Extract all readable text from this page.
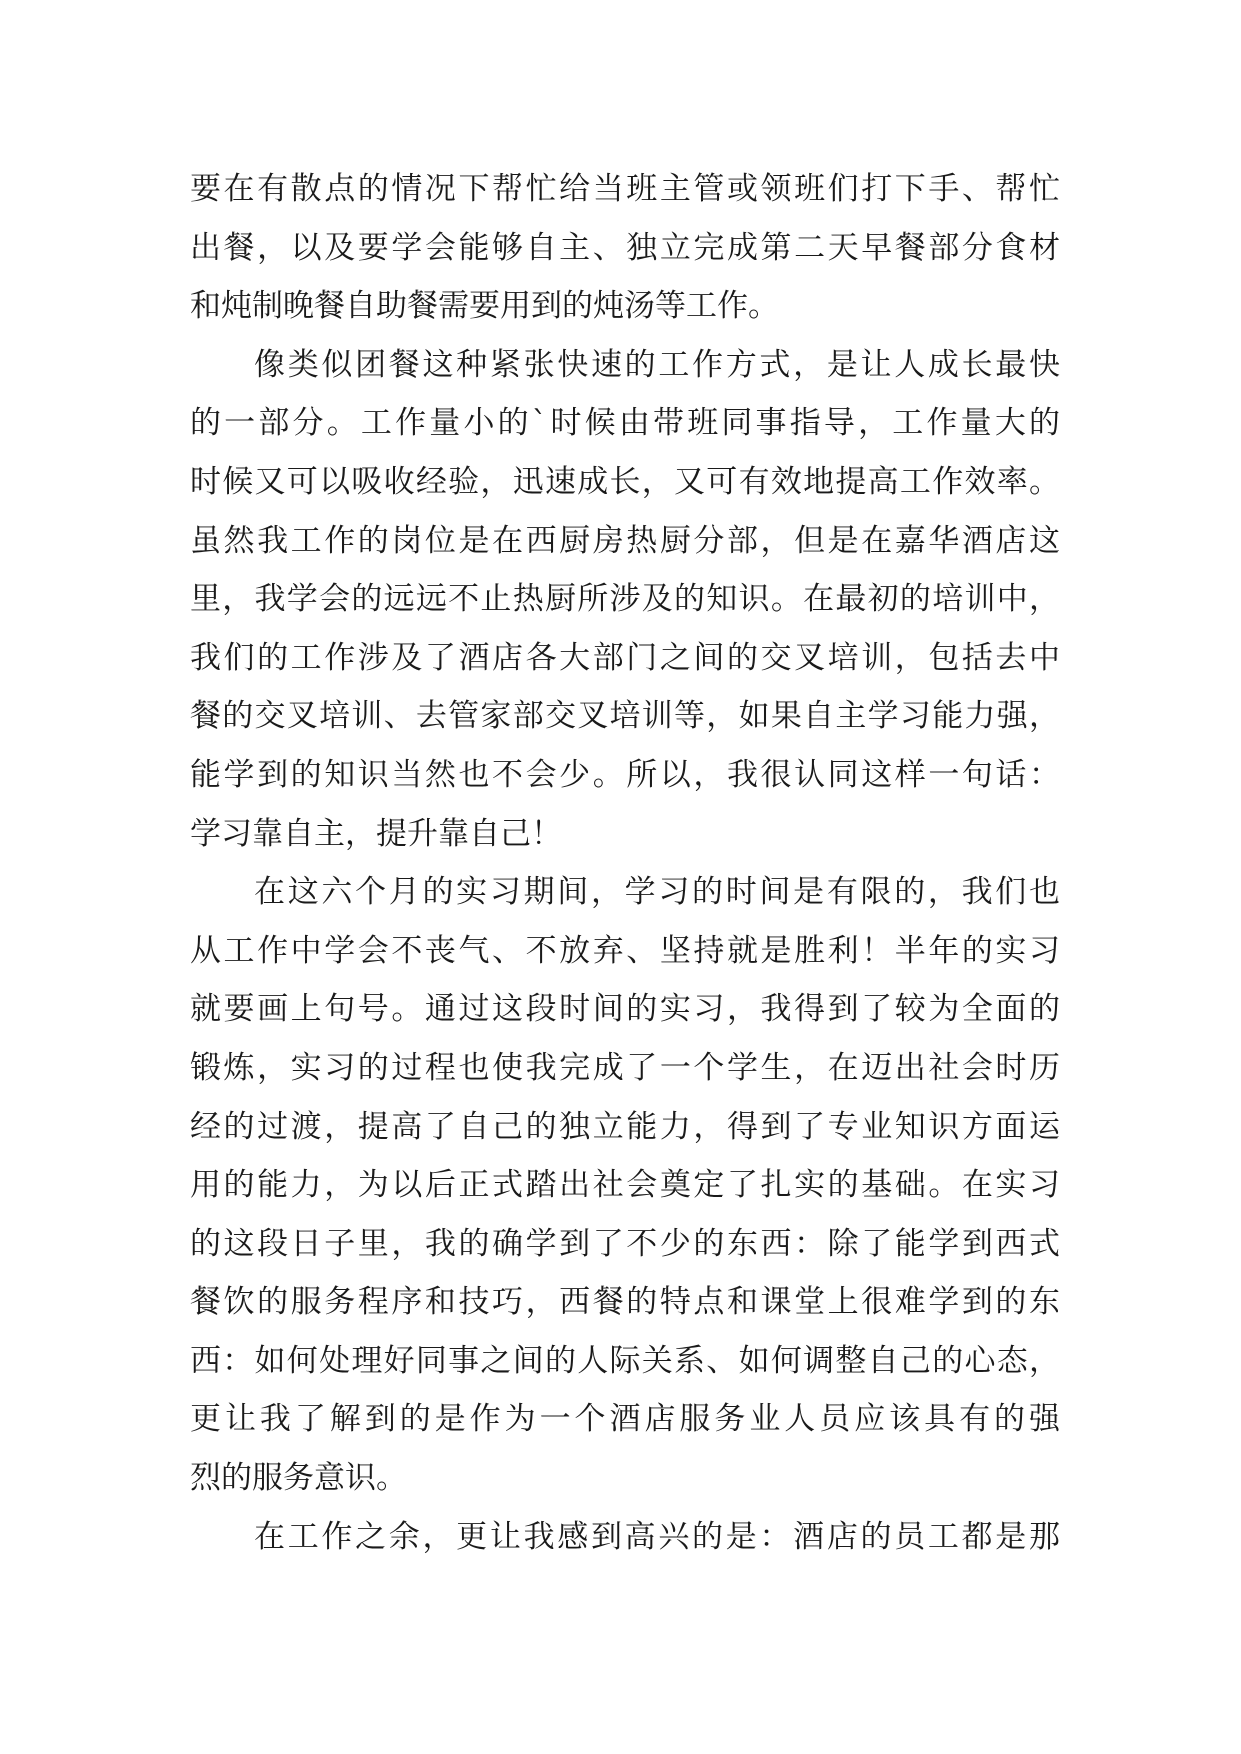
要在有散点的情况下帮忙给当班主管或领班们打下手、帮忙
出餐，以及要学会能够自主、独立完成第二天早餐部分食材
和炖制晚餐自助餐需要用到的炖汤等工作。
像类似团餐这种紧张快速的工作方式，是让人成长最快
的一部分。工作量小的`时候由带班同事指导，工作量大的
时候又可以吸收经验，迅速成长，又可有效地提高工作效率。
虽然我工作的岗位是在西厨房热厨分部，但是在嘉华酒店这
里，我学会的远远不止热厨所涉及的知识。在最初的培训中，
我们的工作涉及了酒店各大部门之间的交叉培训，包括去中
餐的交叉培训、去管家部交叉培训等，如果自主学习能力强，
能学到的知识当然也不会少。所以，我很认同这样一句话：
学习靠自主，提升靠自己！
在这六个月的实习期间，学习的时间是有限的，我们也
从工作中学会不丧气、不放弃、坚持就是胜利！半年的实习
就要画上句号。通过这段时间的实习，我得到了较为全面的
锻炼，实习的过程也使我完成了一个学生，在迈出社会时历
经的过渡，提高了自己的独立能力，得到了专业知识方面运
用的能力，为以后正式踏出社会奠定了扎实的基础。在实习
的这段日子里，我的确学到了不少的东西：除了能学到西式
餐饮的服务程序和技巧，西餐的特点和课堂上很难学到的东
西：如何处理好同事之间的人际关系、如何调整自己的心态，
更让我了解到的是作为一个酒店服务业人员应该具有的强
烈的服务意识。
在工作之余，更让我感到高兴的是：酒店的员工都是那
